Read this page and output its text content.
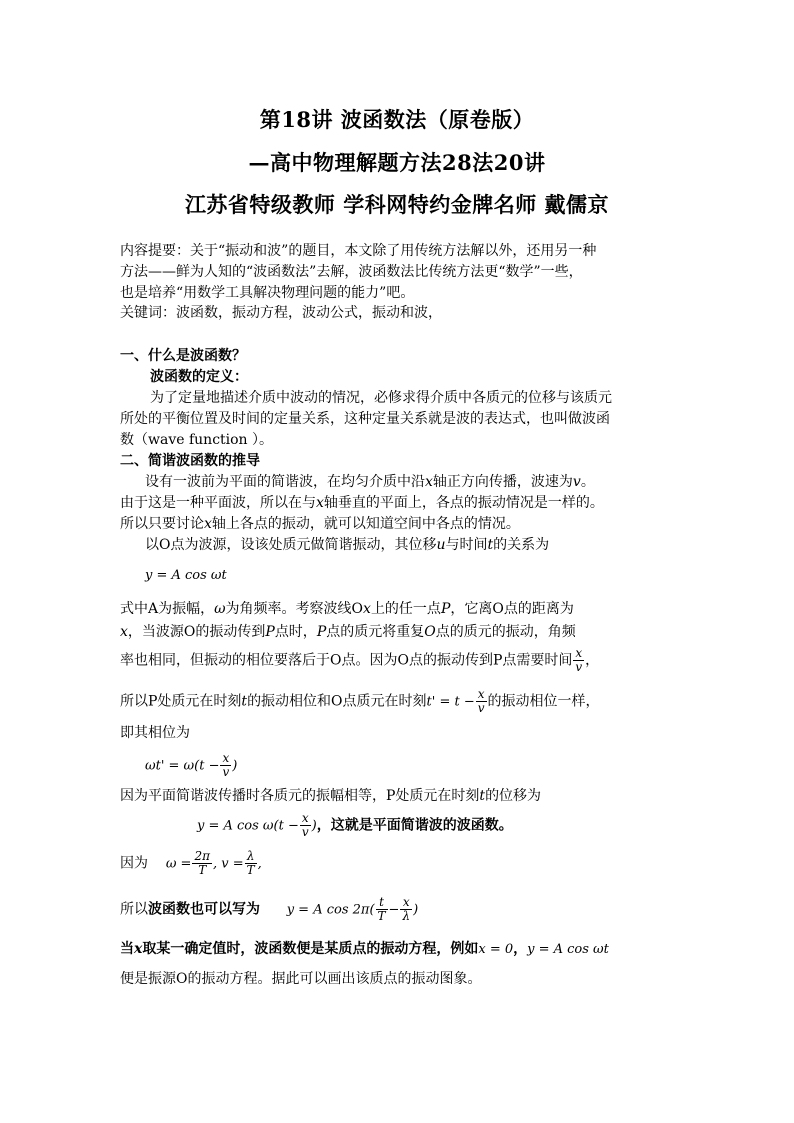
第18讲 波函数法（原卷版）
—高中物理解题方法28法20讲
江苏省特级教师 学科网特约金牌名师 戴儒京
内容提要：关于“振动和波”的题目，本文除了用传统方法解以外，还用另一种
方法——鲜为人知的“波函数法”去解，波函数法比传统方法更“数学”一些，
也是培养“用数学工具解决物理问题的能力”吧。
关键词：波函数，振动方程，波动公式，振动和波，
一、什么是波函数？
波函数的定义：
为了定量地描述介质中波动的情况，必修求得介质中各质元的位移与该质元
所处的平衡位置及时间的定量关系，这种定量关系就是波的表达式，也叫做波函
数（wave function ）。
二、简谐波函数的推导
设有一波前为平面的简谐波，在均匀介质中沿x轴正方向传播，波速为v。
由于这是一种平面波，所以在与x轴垂直的平面上，各点的振动情况是一样的。
所以只要讨论x轴上各点的振动，就可以知道空间中各点的情况。
以O点为波源，设该处质元做简谐振动，其位移u与时间t的关系为
y = A cos ωt
式中A为振幅，ω为角频率。考察波线Ox上的任一点P，它离O点的距离为
x，当波源O的振动传到P点时，P点的质元将重复O点的质元的振动，角频
率也相同，但振动的相位要落后于O点。因为O点的振动传到P点需要时间 $\frac{x}{v}$ ，
所以P处质元在时刻t的振动相位和O点质元在时刻$t' = t - \frac{x}{v}$ 的振动相位一样，
即其相位为
$\omega t' = \omega(t - \frac{x}{v}$ )
因为平面简谐波传播时各质元的振幅相等，P处质元在时刻t的位移为
y = A $\cos \omega(t - \frac{x}{v}$ )，这就是平面简谐波的波函数。
因为 $\omega = \frac{2\pi}{T}$ , $v = \frac{\lambda}{T}$ ,
所以波函数也可以写为 y = A $\cos 2\pi( \frac{t}{T} - \frac{x}{\lambda}$ )
当x取某一确定值时，波函数便是某质点的振动方程，例如x = 0，y = A cos ωt
便是振源O的振动方程。据此可以画出该质点的振动图象。
